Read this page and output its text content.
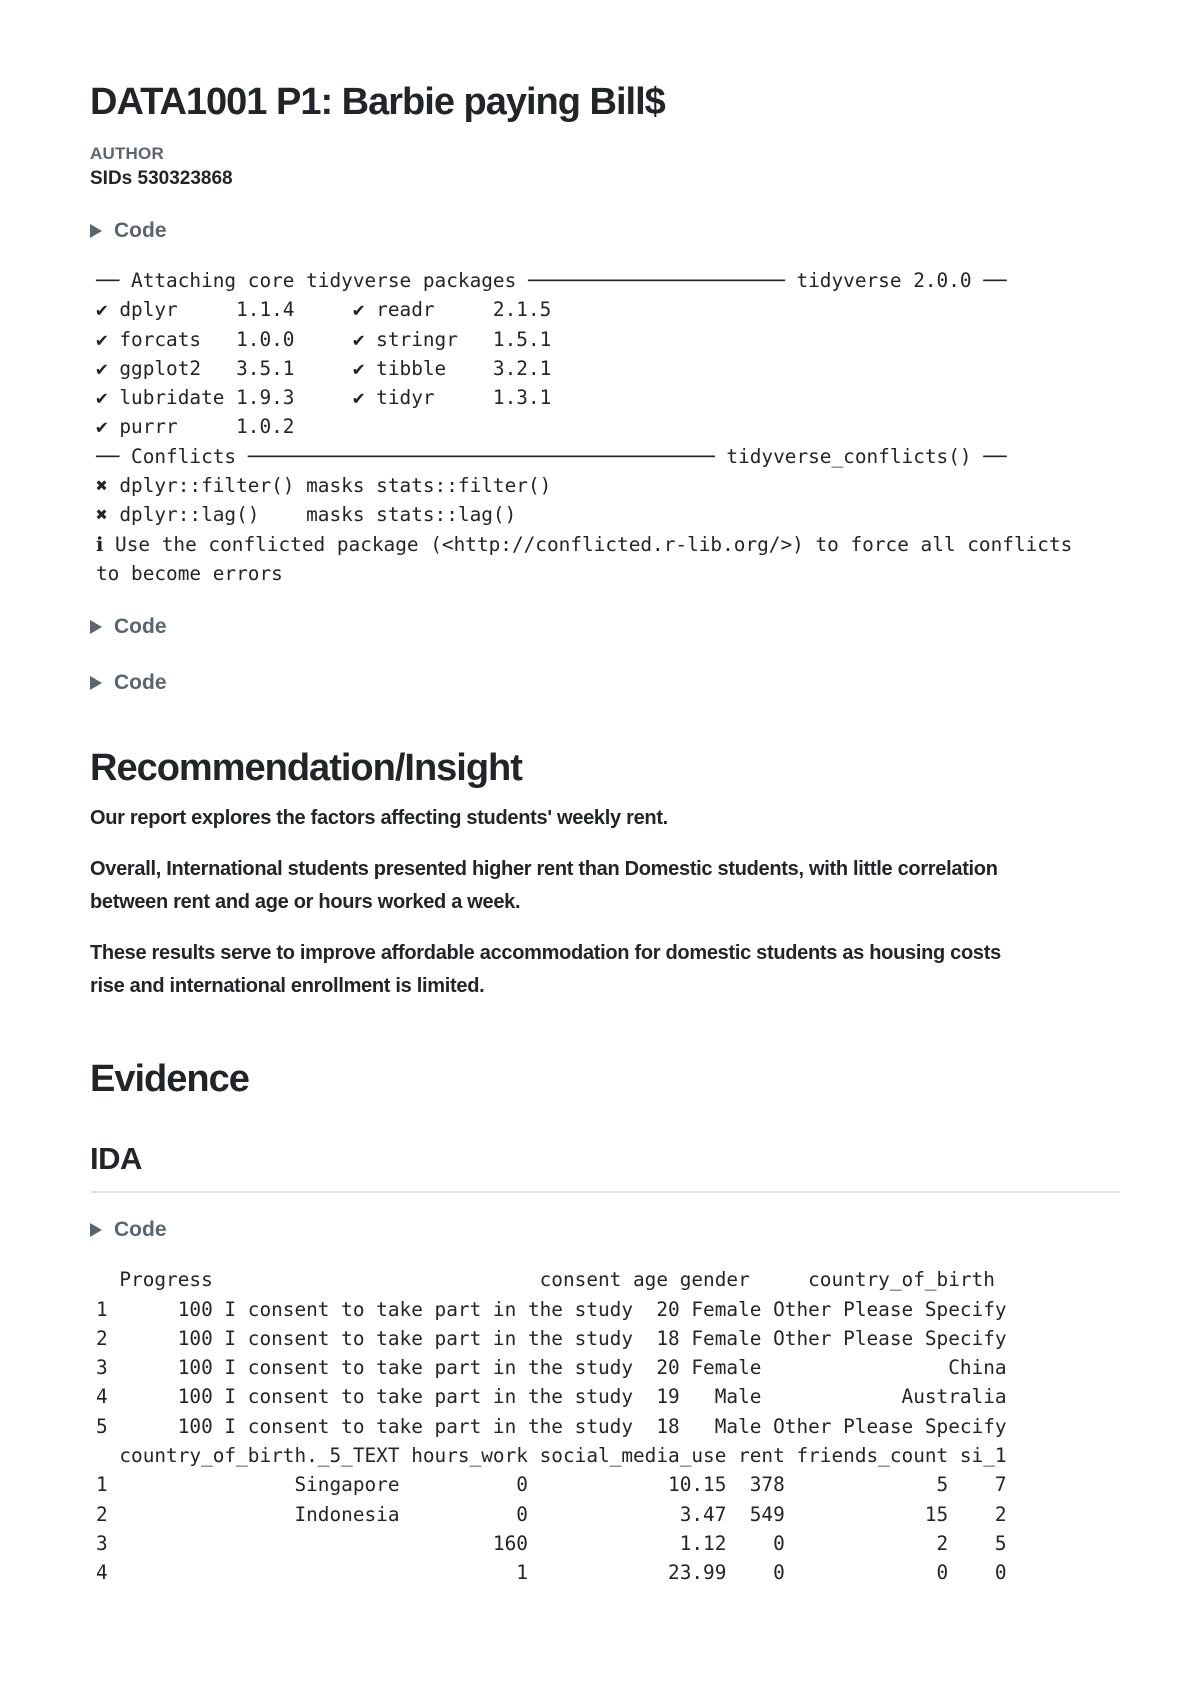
DATA1001 P1: Barbie paying Bill$
AUTHOR
SIDs 530323868
Code
── Attaching core tidyverse packages ────────────────────── tidyverse 2.0.0 ──
✔ dplyr     1.1.4     ✔ readr     2.1.5
✔ forcats   1.0.0     ✔ stringr   1.5.1
✔ ggplot2   3.5.1     ✔ tibble    3.2.1
✔ lubridate 1.9.3     ✔ tidyr     1.3.1
✔ purrr     1.0.2
── Conflicts ──────────────────────────────────────── tidyverse_conflicts() ──
✖ dplyr::filter() masks stats::filter()
✖ dplyr::lag()    masks stats::lag()
ℹ Use the conflicted package (<http://conflicted.r-lib.org/>) to force all conflicts
to become errors
Code
Code
Recommendation/Insight

Our report explores the factors affecting students' weekly rent.

Overall, International students presented higher rent than Domestic students, with little correlation
between rent and age or hours worked a week.

These results serve to improve affordable accommodation for domestic students as housing costs
rise and international enrollment is limited.

Evidence
IDA
Code
Progress                            consent age gender     country_of_birth
1      100 I consent to take part in the study  20 Female Other Please Specify
2      100 I consent to take part in the study  18 Female Other Please Specify
3      100 I consent to take part in the study  20 Female                China
4      100 I consent to take part in the study  19   Male            Australia
5      100 I consent to take part in the study  18   Male Other Please Specify
country_of_birth._5_TEXT hours_work social_media_use rent friends_count si_1
1                Singapore          0            10.15  378             5    7
2                Indonesia          0             3.47  549            15    2
3                                 160             1.12    0             2    5
4                                   1            23.99    0             0    0
